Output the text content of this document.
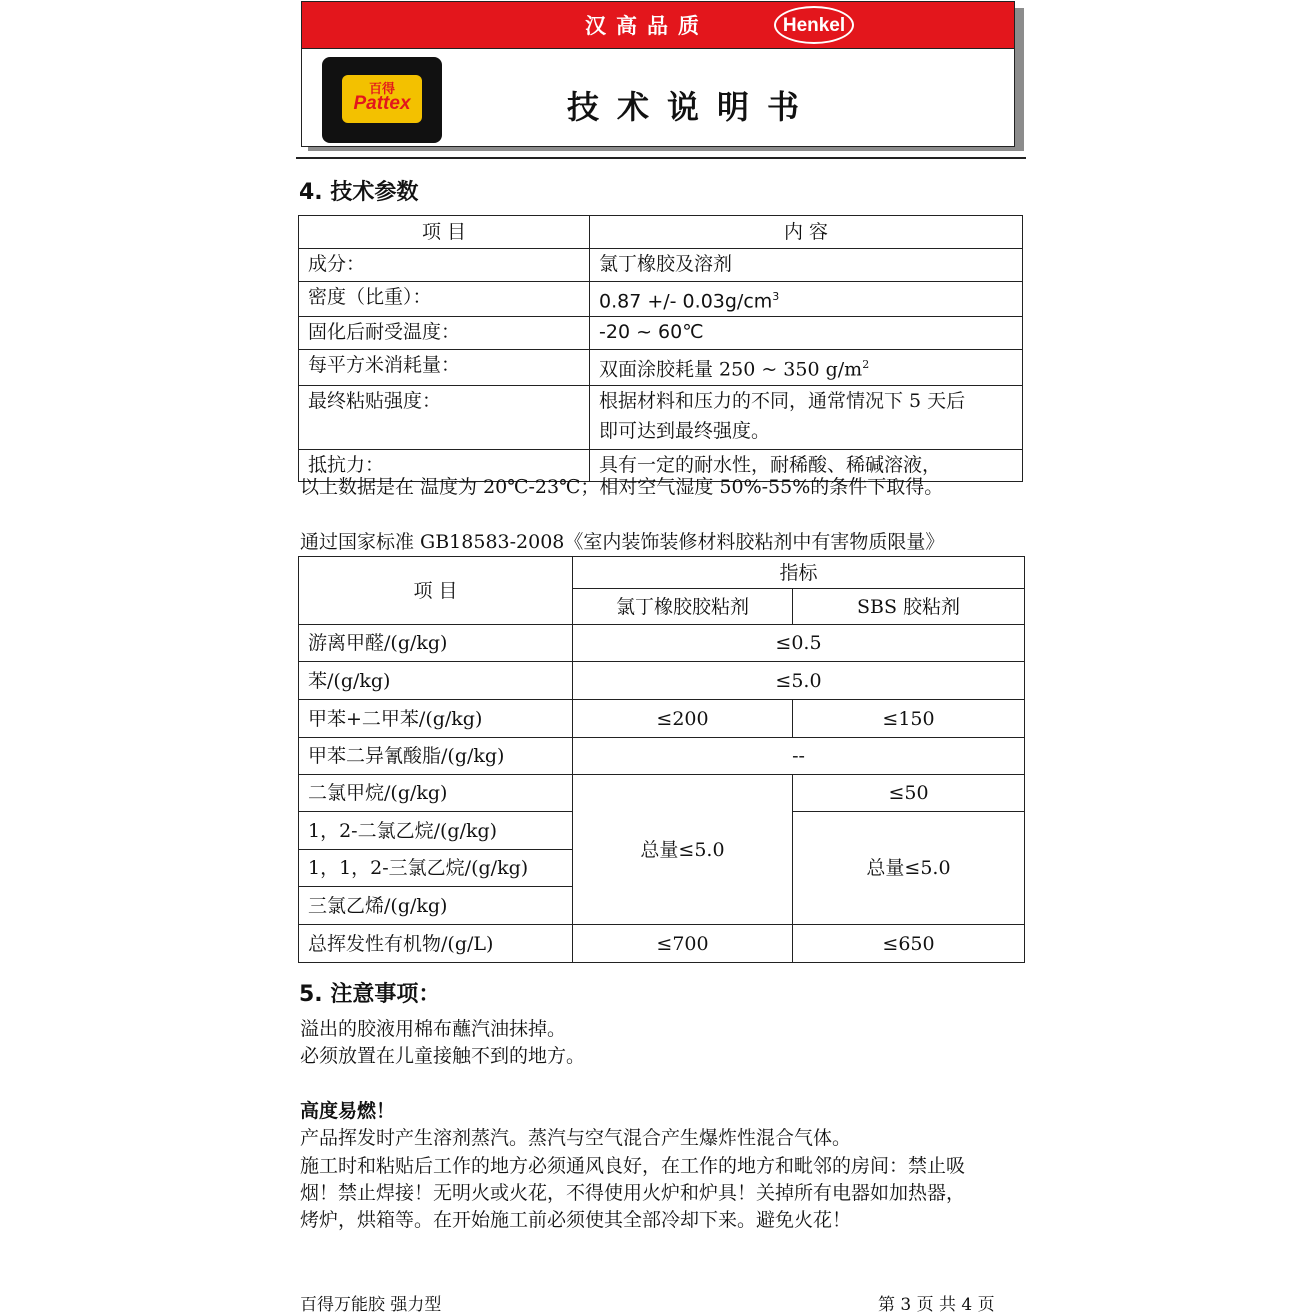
汉高品质	Henkel
百得
Pattex	技术说明书
4. 技术参数
项 目	内 容
成分：	氯丁橡胶及溶剂
密度（比重）：	0.87 +/- $0.03g/cm^3$
固化后耐受温度：	-20 ~ 60℃
每平方米消耗量：	双面涂胶耗量 250 ~ 350 $g/m^2$
最终粘贴强度：	根据材料和压力的不同，通常情况下 5 天后
即可达到最终强度。

抵抗力：	具有一定的耐水性，耐稀酸、稀碱溶液，
以上数据是在 温度为 20℃-23℃；相对空气湿度 50%-55%的条件下取得。
通过国家标准 GB18583-2008《室内装饰装修材料胶粘剂中有害物质限量》
项 目	指标	
	氯丁橡胶胶粘剂	SBS 胶粘剂
游离甲醛/(g/kg)	≤0.5	
苯/(g/kg)	≤5.0	
甲苯+二甲苯/(g/kg)	≤200	≤150
甲苯二异氰酸脂/(g/kg)	--	
二氯甲烷/(g/kg)	总量≤5.0	≤50
1，2-二氯乙烷/(g/kg)		总量≤5.0
1，1，2-三氯乙烷/(g/kg)		
三氯乙烯/(g/kg)		
总挥发性有机物/(g/L)	≤700	≤650
5. 注意事项：
溢出的胶液用棉布蘸汽油抹掉。
必须放置在儿童接触不到的地方。
高度易燃！
产品挥发时产生溶剂蒸汽。蒸汽与空气混合产生爆炸性混合气体。
施工时和粘贴后工作的地方必须通风良好，在工作的地方和毗邻的房间：禁止吸
烟！禁止焊接！无明火或火花，不得使用火炉和炉具！关掉所有电器如加热器，
烤炉，烘箱等。在开始施工前必须使其全部冷却下来。避免火花！
百得万能胶 强力型	第 3 页 共 4 页
